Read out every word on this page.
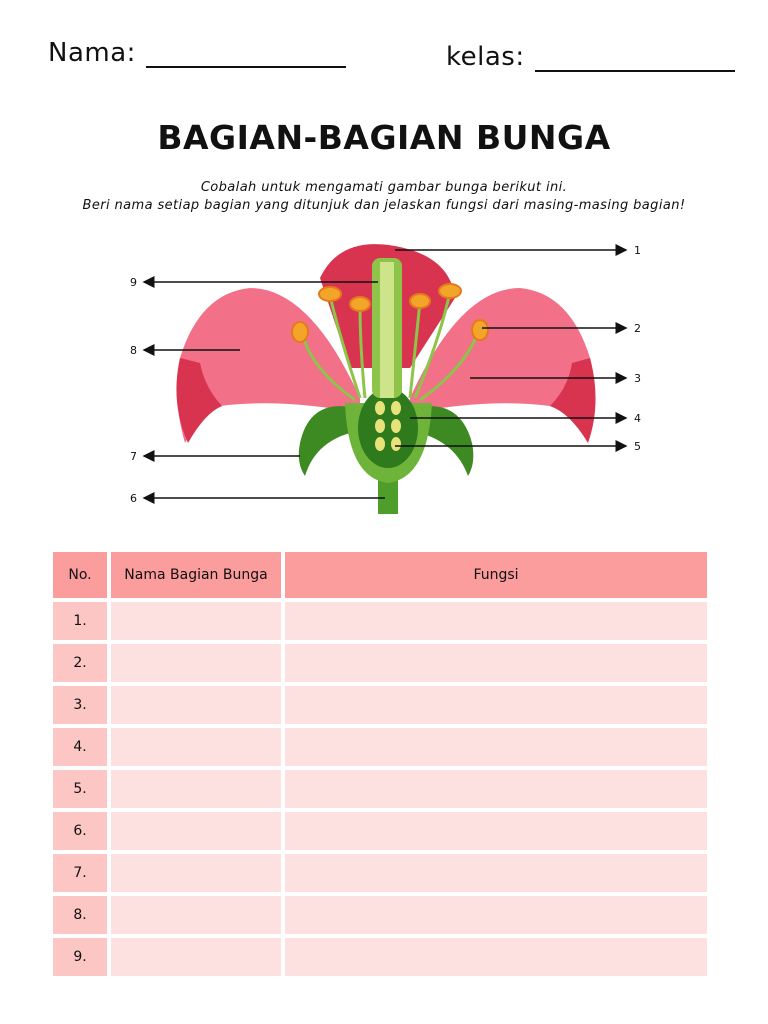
Nama:	kelas:
BAGIAN-BAGIAN BUNGA
Cobalah untuk mengamati gambar bunga berikut ini.
Beri nama setiap bagian yang ditunjuk dan jelaskan fungsi dari masing-masing bagian!
1
2
3
4
5
6
7
8
9
No.	Nama Bagian Bunga	Fungsi
1.		
2.		
3.		
4.		
5.		
6.		
7.		
8.		
9.		
